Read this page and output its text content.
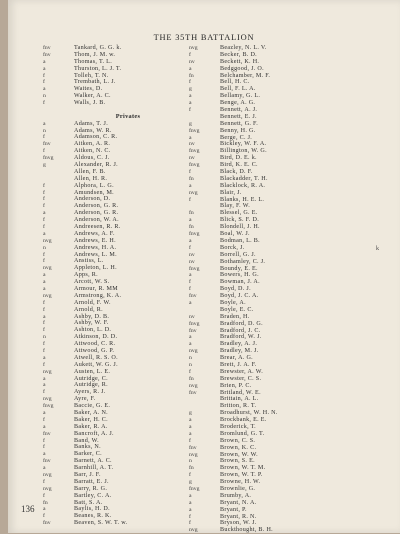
THE 35TH BATTALION
fnv	Tankard, G. G. k.
fnv	Thom, J. M. w.
a	Thomas, T. L.
a	Thurston, L. J. T.
f	Tolleh, T. N.
f	Trembath, L. J.
a	Waites, D.
n	Walker, A. C.
f	Walls, J. B.
Privates
a	Adams, T. J.
n	Adams, W. R.
f	Adamson, C. R.
fnv	Aitken, A. R.
f	Aitken, N. C.
fnvg	Aldous, C. J.
g	Alexander, R. J.
Allen, F. B.
Allen, H. R.
f	Alphora, L. G.
f	Amundsen, M.
f	Anderson, D.
f	Anderson, G. R.
a	Anderson, G. R.
f	Anderson, W. A.
f	Andreesen, R. R.
a	Andrews, A. F.
nvg	Andrews, E. H.
n	Andrews, H. A.
f	Andrews, L. M.
f	Anstiss, L.
nvg	Appleton, L. H.
a	Apps, R.
a	Arcott, W. S.
a	Armour, R. MM
nvg	Armstrong, K. A.
f	Arnold, F. W.
f	Arnold, R.
a	Ashby, D. B.
f	Ashby, W. F.
f	Ashton, L. D.
n	Atkinson, D. D.
f	Attwood, C. R.
f	Attwood, G. P.
a	Atwell, R. S. O.
f	Aukett, W. G. J.
nvg	Austen, L. E.
a	Autridge, C.
a	Autridge, R.
f	Ayers, R. J.
nvg	Ayre, F.
fnvg	Baccie, G. E.
a	Baker, A. N.
f	Baker, H. C.
a	Baker, R. A.
fnv	Bancroft, A. J.
f	Band, W.
f	Banks, N.
a	Barker, C.
fnv	Barnett, A. C.
a	Barnhill, A. T.
nvg	Barr, J. F.
f	Barratt, E. J.
nvg	Barry, R. G.
f	Bartley, C. A.
fn	Batt, S. A.
a	Baylis, H. D.
f	Beanes, R. K.
fnv	Beaven, S. W. T. w.
nvg	Beazley, N. L. V.
f	Becker, B. D.
nv	Beckett, K. H.
a	Bedggood, J. O.
fn	Belchamber, M. F.
f	Bell, H. C.
g	Bell, F. L. A.
a	Bellamy, G. L.
a	Benge, A. G.
f	Bennett, A. J.
Bennett, E. J.
g	Bennett, G. F.
fnvg	Benny, H. G.
a	Berge, C. J.
nv	Bickley, W. F. A.
fnvg	Billington, W. G.
nv	Bird, D. E. k.
fnvg	Bird, K. E. C.
f	Black, D. F.
fn	Blackadder, T. H.
a	Blacklock, R. A.
nvg	Blair, J.
f	Blanks, H. E. L.
Blay, F. W.
fn	Blessel, G. E.
a	Blick, S. F. D.
fn	Blondell, J. H.
fnvg	Boal, W. J.
a	Bodman, L. B.
f	Borck, J.
nv	Borrell, G. J.
nv	Bothamley, C. J.
fnvg	Boundy, E. E.
a	Bowers, H. G.
f	Bowman, J. A.
f	Boyd, D. J.
fnv	Boyd, J. C. A.
a	Boyle, A.
Boyle, E. C.
nv	Braden, H.
fnvg	Bradford, D. G.
fnv	Bradford, J. C.
a	Bradford, W. J.
a	Bradley, A. J.
nvg	Bradley, M. J.
n	Brear, A. G.
n	Brett, J. A. F.
f	Brewster, A. W.
fn	Brewster, C. S.
nvg	Brien, P. C.
fnv	Britland, W. E.
Brittain, A. L.
Britton, R. T.
g	Broadhurst, W. H. N.
a	Brockbank, E. E.
a	Broderick, T.
a	Bromlund, G. T.
f	Brown, C. S.
fnv	Brown, K. C.
nvg	Brown, W. W.
n	Brown, S. E.
fn	Brown, W. T. M.
f	Brown, W. T. P.
g	Browne, H. W.
fnvg	Brownlie, G.
a	Brumby, A.
a	Bryant, N. A.
a	Bryant, P.
f	Bryant, R. N.
f	Bryson, W. J.
nvg	Buckthought, B. H.
k
136
